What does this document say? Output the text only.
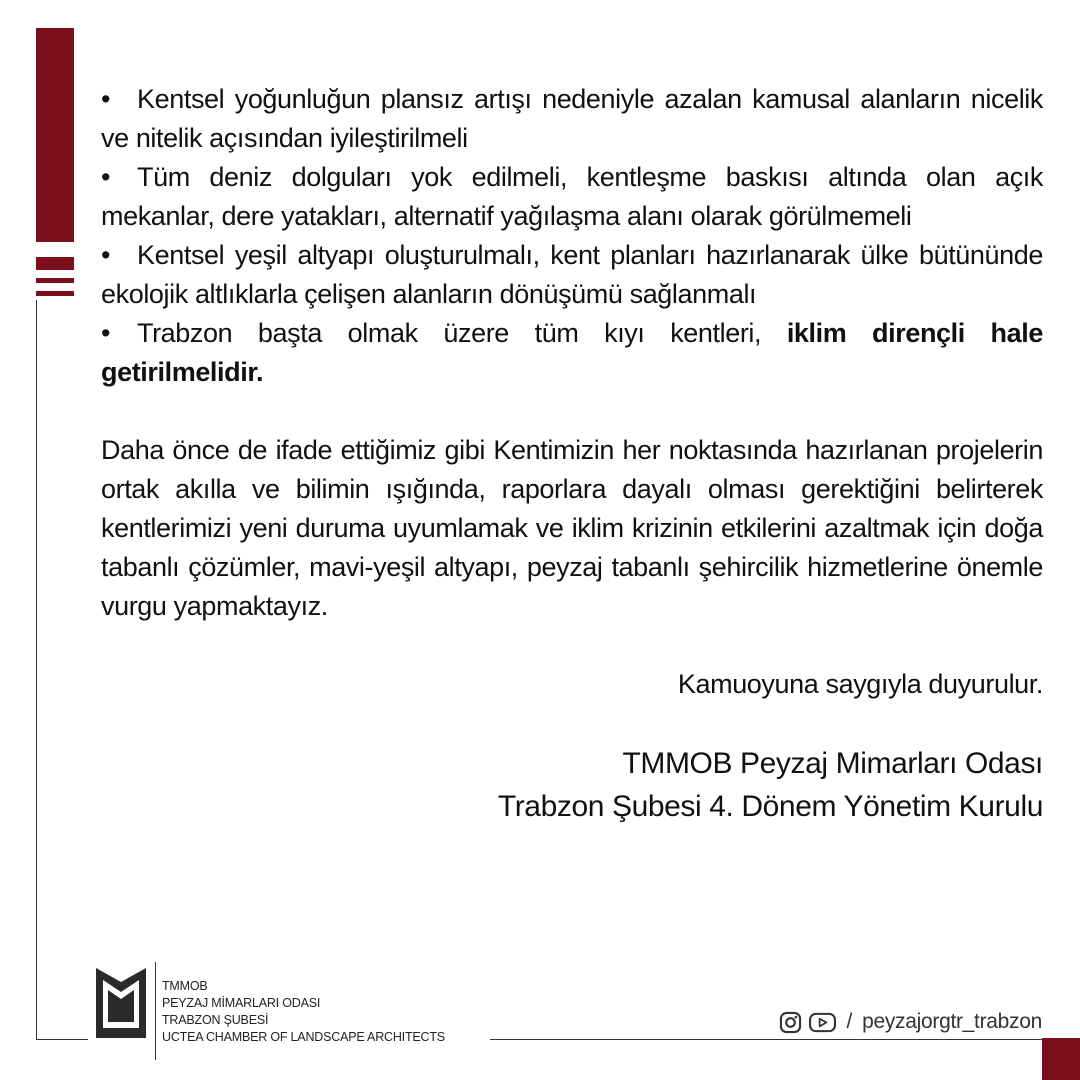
• Kentsel yoğunluğun plansız artışı nedeniyle azalan kamusal alanların nicelik ve nitelik açısından iyileştirilmeli

• Tüm deniz dolguları yok edilmeli, kentleşme baskısı altında olan açık mekanlar, dere yatakları, alternatif yağılaşma alanı olarak görülmemeli

• Kentsel yeşil altyapı oluşturulmalı, kent planları hazırlanarak ülke bütününde ekolojik altlıklarla çelişen alanların dönüşümü sağlanmalı

• Trabzon başta olmak üzere tüm kıyı kentleri, iklim dirençli hale getirilmelidir.

Daha önce de ifade ettiğimiz gibi Kentimizin her noktasında hazırlanan projelerin ortak akılla ve bilimin ışığında, raporlara dayalı olması gerektiğini belirterek kentlerimizi yeni duruma uyumlamak ve iklim krizinin etkilerini azaltmak için doğa tabanlı çözümler, mavi-yeşil altyapı, peyzaj tabanlı şehircilik hizmetlerine önemle vurgu yapmaktayız.

Kamuoyuna saygıyla duyurulur.

TMMOB Peyzaj Mimarları Odası
Trabzon Şubesi 4. Dönem Yönetim Kurulu
TMMOB
PEYZAJ MİMARLARI ODASI
TRABZON ŞUBESİ
UCTEA CHAMBER OF LANDSCAPE ARCHITECTS
/ peyzajorgtr_trabzon
